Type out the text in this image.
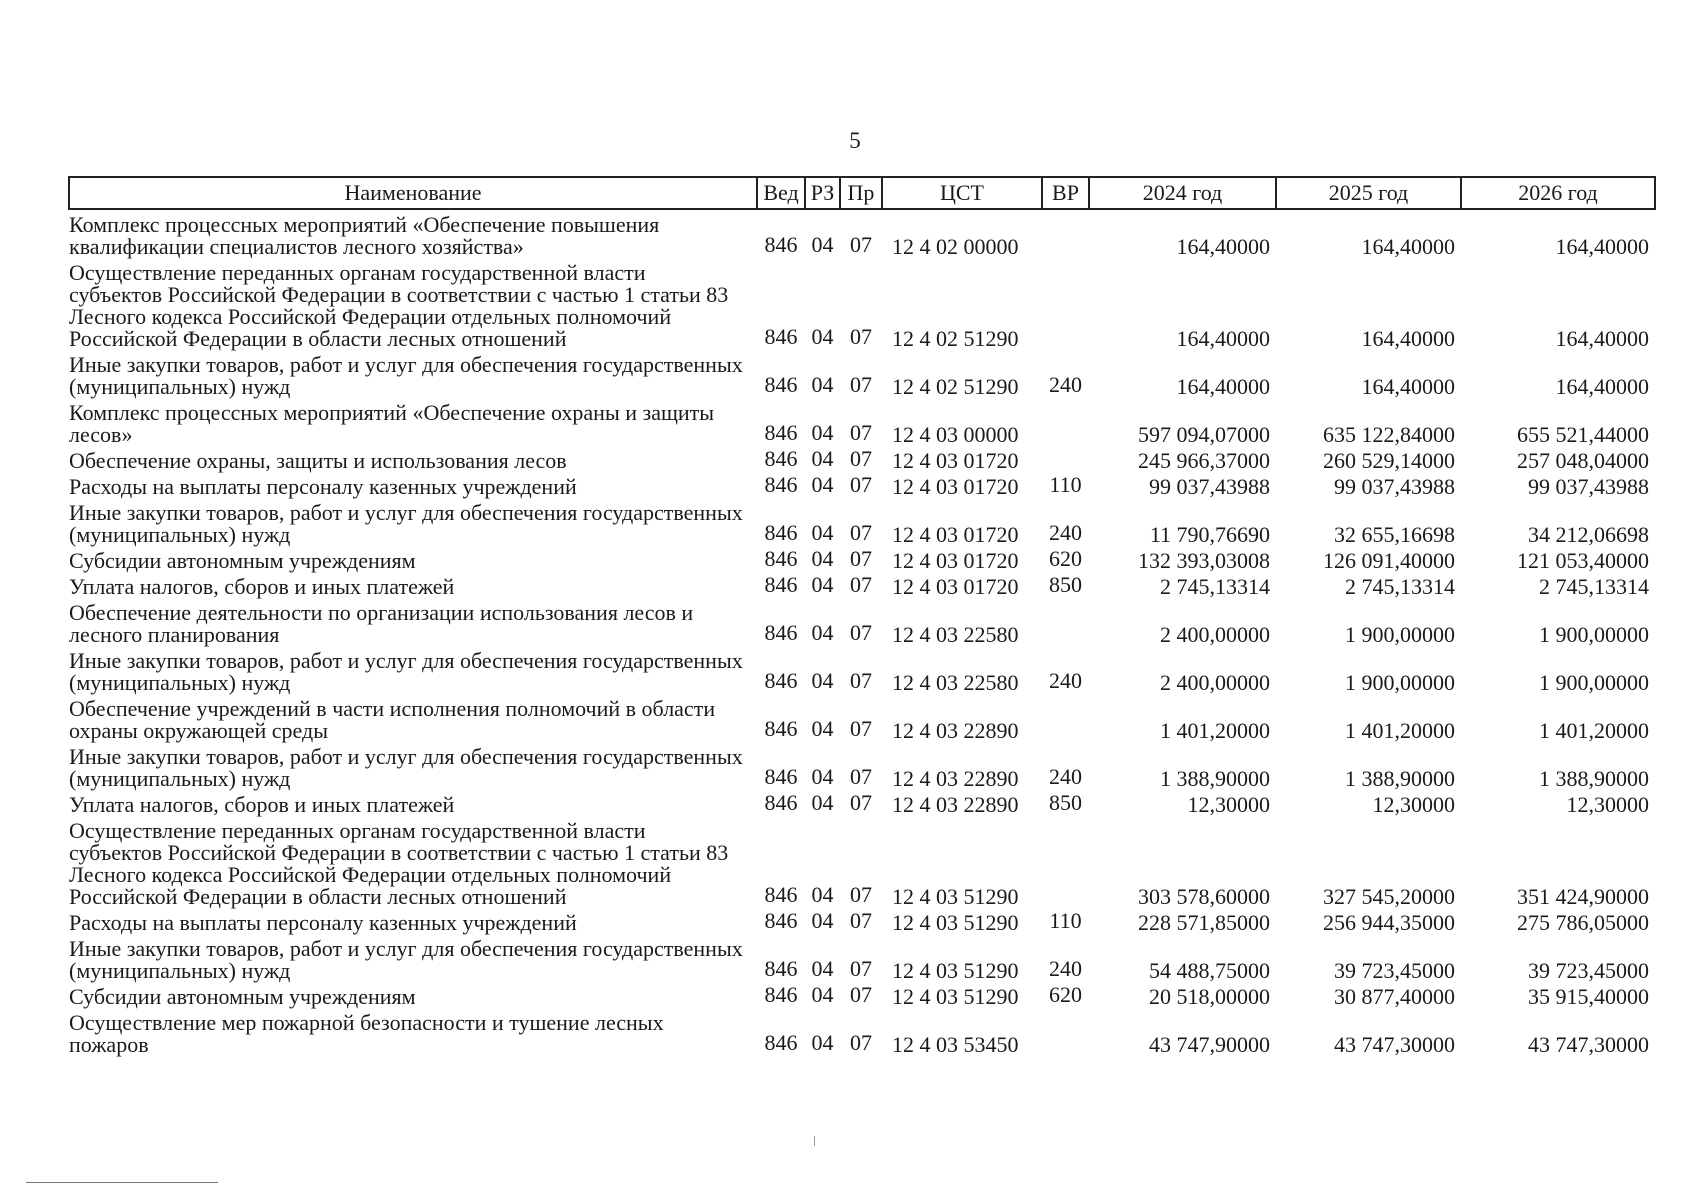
5
Наименование	Вед	РЗ	Пр	ЦСТ	ВР	2024 год	2025 год	2026 год
Комплекс процессных мероприятий «Обеспечение повышения квалификации специалистов лесного хозяйства»	846	04	07	12 4 02 00000		164,40000	164,40000	164,40000
Осуществление переданных органам государственной власти субъектов Российской Федерации в соответствии с частью 1 статьи 83 Лесного кодекса Российской Федерации отдельных полномочий Российской Федерации в области лесных отношений	846	04	07	12 4 02 51290		164,40000	164,40000	164,40000
Иные закупки товаров, работ и услуг для обеспечения государственных (муниципальных) нужд	846	04	07	12 4 02 51290	240	164,40000	164,40000	164,40000
Комплекс процессных мероприятий «Обеспечение охраны и защиты лесов»	846	04	07	12 4 03 00000		597 094,07000	635 122,84000	655 521,44000
Обеспечение охраны, защиты и использования лесов	846	04	07	12 4 03 01720		245 966,37000	260 529,14000	257 048,04000
Расходы на выплаты персоналу казенных учреждений	846	04	07	12 4 03 01720	110	99 037,43988	99 037,43988	99 037,43988
Иные закупки товаров, работ и услуг для обеспечения государственных (муниципальных) нужд	846	04	07	12 4 03 01720	240	11 790,76690	32 655,16698	34 212,06698
Субсидии автономным учреждениям	846	04	07	12 4 03 01720	620	132 393,03008	126 091,40000	121 053,40000
Уплата налогов, сборов и иных платежей	846	04	07	12 4 03 01720	850	2 745,13314	2 745,13314	2 745,13314
Обеспечение деятельности по организации использования лесов и лесного планирования	846	04	07	12 4 03 22580		2 400,00000	1 900,00000	1 900,00000
Иные закупки товаров, работ и услуг для обеспечения государственных (муниципальных) нужд	846	04	07	12 4 03 22580	240	2 400,00000	1 900,00000	1 900,00000
Обеспечение учреждений в части исполнения полномочий в области охраны окружающей среды	846	04	07	12 4 03 22890		1 401,20000	1 401,20000	1 401,20000
Иные закупки товаров, работ и услуг для обеспечения государственных (муниципальных) нужд	846	04	07	12 4 03 22890	240	1 388,90000	1 388,90000	1 388,90000
Уплата налогов, сборов и иных платежей	846	04	07	12 4 03 22890	850	12,30000	12,30000	12,30000
Осуществление переданных органам государственной власти субъектов Российской Федерации в соответствии с частью 1 статьи 83 Лесного кодекса Российской Федерации отдельных полномочий Российской Федерации в области лесных отношений	846	04	07	12 4 03 51290		303 578,60000	327 545,20000	351 424,90000
Расходы на выплаты персоналу казенных учреждений	846	04	07	12 4 03 51290	110	228 571,85000	256 944,35000	275 786,05000
Иные закупки товаров, работ и услуг для обеспечения государственных (муниципальных) нужд	846	04	07	12 4 03 51290	240	54 488,75000	39 723,45000	39 723,45000
Субсидии автономным учреждениям	846	04	07	12 4 03 51290	620	20 518,00000	30 877,40000	35 915,40000
Осуществление мер пожарной безопасности и тушение лесных пожаров	846	04	07	12 4 03 53450		43 747,90000	43 747,30000	43 747,30000
